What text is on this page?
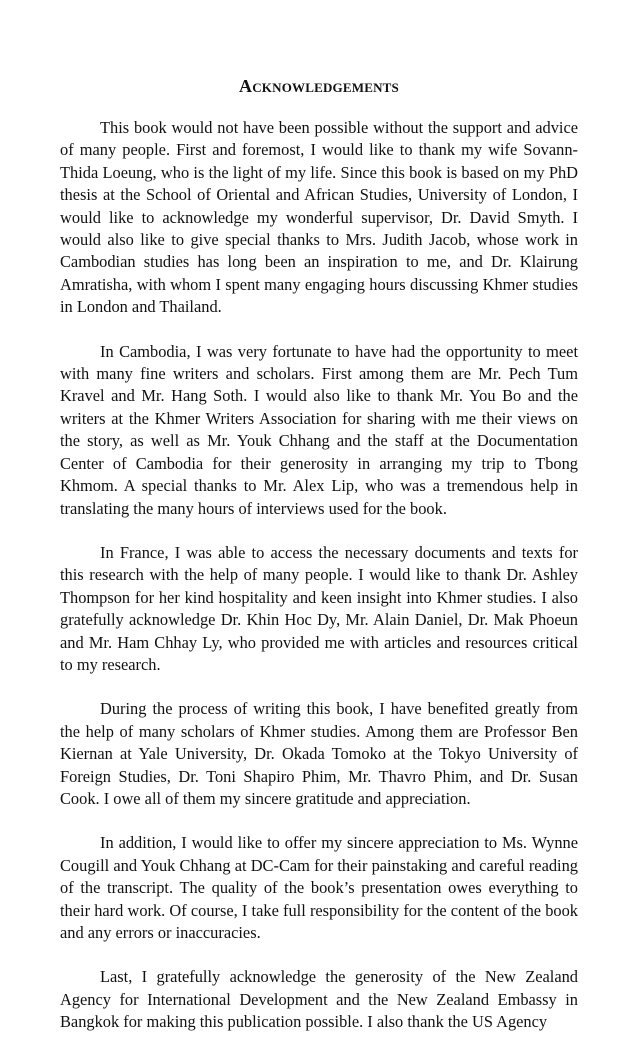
Acknowledgements

This book would not have been possible without the support and advice of many people. First and foremost, I would like to thank my wife Sovann-Thida Loeung, who is the light of my life. Since this book is based on my PhD thesis at the School of Oriental and African Studies, University of London, I would like to acknowledge my wonderful supervisor, Dr. David Smyth. I would also like to give special thanks to Mrs. Judith Jacob, whose work in Cambodian studies has long been an inspiration to me, and Dr. Klairung Amratisha, with whom I spent many engaging hours discussing Khmer studies in London and Thailand.

In Cambodia, I was very fortunate to have had the opportunity to meet with many fine writers and scholars. First among them are Mr. Pech Tum Kravel and Mr. Hang Soth. I would also like to thank Mr. You Bo and the writers at the Khmer Writers Association for sharing with me their views on the story, as well as Mr. Youk Chhang and the staff at the Documentation Center of Cambodia for their generosity in arranging my trip to Tbong Khmom. A special thanks to Mr. Alex Lip, who was a tremendous help in translating the many hours of interviews used for the book.

In France, I was able to access the necessary documents and texts for this research with the help of many people. I would like to thank Dr. Ashley Thompson for her kind hospitality and keen insight into Khmer studies. I also gratefully acknowledge Dr. Khin Hoc Dy, Mr. Alain Daniel, Dr. Mak Phoeun and Mr. Ham Chhay Ly, who provided me with articles and resources critical to my research.

During the process of writing this book, I have benefited greatly from the help of many scholars of Khmer studies. Among them are Professor Ben Kiernan at Yale University, Dr. Okada Tomoko at the Tokyo University of Foreign Studies, Dr. Toni Shapiro Phim, Mr. Thavro Phim, and Dr. Susan Cook. I owe all of them my sincere gratitude and appreciation.

In addition, I would like to offer my sincere appreciation to Ms. Wynne Cougill and Youk Chhang at DC-Cam for their painstaking and careful reading of the transcript. The quality of the book’s presentation owes everything to their hard work. Of course, I take full responsibility for the content of the book and any errors or inaccuracies.

Last, I gratefully acknowledge the generosity of the New Zealand Agency for International Development and the New Zealand Embassy in Bangkok for making this publication possible. I also thank the US Agency
